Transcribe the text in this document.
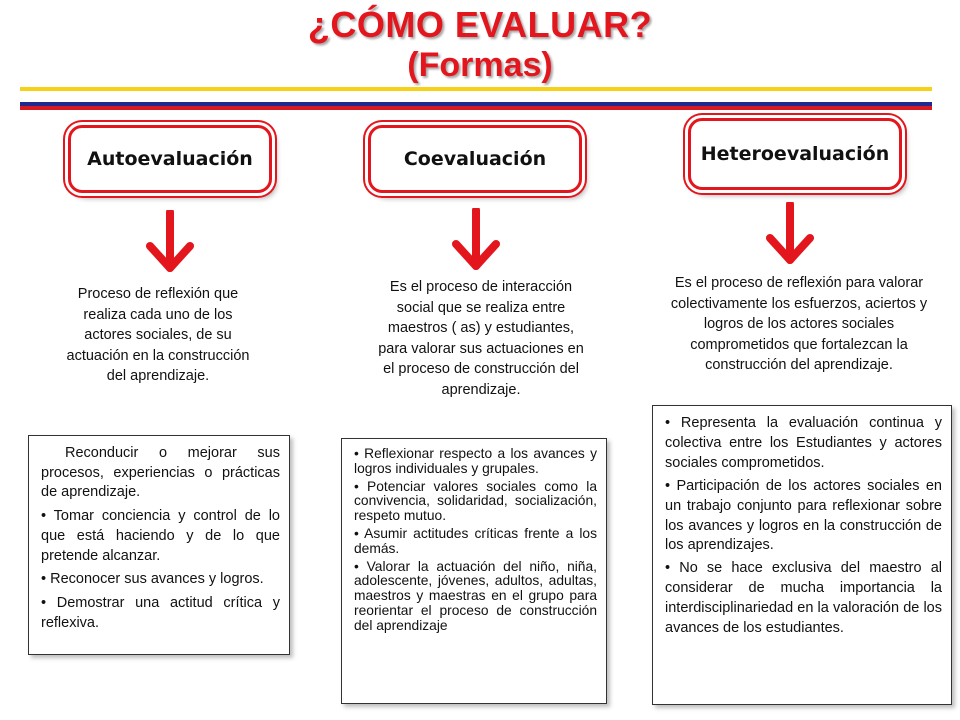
¿CÓMO EVALUAR?
(Formas)
Autoevaluación
Proceso de reflexión que realiza cada uno de los actores sociales, de su actuación en la construcción del aprendizaje.

Reconducir o mejorar sus procesos, experiencias o prácticas de aprendizaje.

• Tomar conciencia y control de lo que está haciendo y de lo que pretende alcanzar.

• Reconocer sus avances y logros.

• Demostrar una actitud crítica y reflexiva.

Coevaluación
Es el proceso de interacción social que se realiza entre maestros ( as) y estudiantes, para valorar sus actuaciones en el proceso de construcción del aprendizaje.

• Reflexionar respecto a los avances y logros individuales y grupales.

• Potenciar valores sociales como la convivencia, solidaridad, socialización, respeto mutuo.

• Asumir actitudes críticas frente a los demás.

• Valorar la actuación del niño, niña, adolescente, jóvenes, adultos, adultas, maestros y maestras en el grupo para reorientar el proceso de construcción del aprendizaje

Heteroevaluación
Es el proceso de reflexión para valorar colectivamente los esfuerzos, aciertos y logros de los actores sociales comprometidos que fortalezcan la construcción del aprendizaje.

• Representa la evaluación continua y colectiva entre los Estudiantes y actores sociales comprometidos.

• Participación de los actores sociales en un trabajo conjunto para reflexionar sobre los avances y logros en la construcción de los aprendizajes.

• No se hace exclusiva del maestro al considerar de mucha importancia la interdisciplinariedad en la valoración de los avances de los estudiantes.
